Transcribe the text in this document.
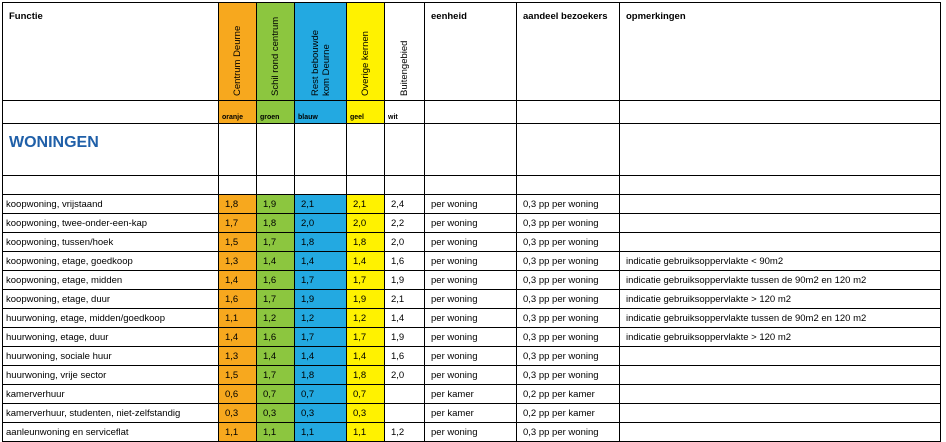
Functie	Centrum Deurne	Schil rond centrum	Rest bebouwde kom Deurne	Overige kernen	Buitengebied	eenheid	aandeel bezoekers	opmerkingen
	oranje	groen	blauw	geel	wit			
WONINGEN								

koopwoning, vrijstaand	1,8	1,9	2,1	2,1	2,4	per woning	0,3 pp per woning	
koopwoning, twee-onder-een-kap	1,7	1,8	2,0	2,0	2,2	per woning	0,3 pp per woning	
koopwoning, tussen/hoek	1,5	1,7	1,8	1,8	2,0	per woning	0,3 pp per woning	
koopwoning, etage, goedkoop	1,3	1,4	1,4	1,4	1,6	per woning	0,3 pp per woning	indicatie gebruiksoppervlakte < 90m2
koopwoning, etage, midden	1,4	1,6	1,7	1,7	1,9	per woning	0,3 pp per woning	indicatie gebruiksoppervlakte tussen de 90m2 en 120 m2
koopwoning, etage, duur	1,6	1,7	1,9	1,9	2,1	per woning	0,3 pp per woning	indicatie gebruiksoppervlakte > 120 m2
huurwoning, etage, midden/goedkoop	1,1	1,2	1,2	1,2	1,4	per woning	0,3 pp per woning	indicatie gebruiksoppervlakte tussen de 90m2 en 120 m2
huurwoning, etage, duur	1,4	1,6	1,7	1,7	1,9	per woning	0,3 pp per woning	indicatie gebruiksoppervlakte > 120 m2
huurwoning, sociale huur	1,3	1,4	1,4	1,4	1,6	per woning	0,3 pp per woning	
huurwoning, vrije sector	1,5	1,7	1,8	1,8	2,0	per woning	0,3 pp per woning	
kamerverhuur	0,6	0,7	0,7	0,7		per kamer	0,2 pp per kamer	
kamerverhuur, studenten, niet-zelfstandig	0,3	0,3	0,3	0,3		per kamer	0,2 pp per kamer	
aanleunwoning en serviceflat	1,1	1,1	1,1	1,1	1,2	per woning	0,3 pp per woning	
